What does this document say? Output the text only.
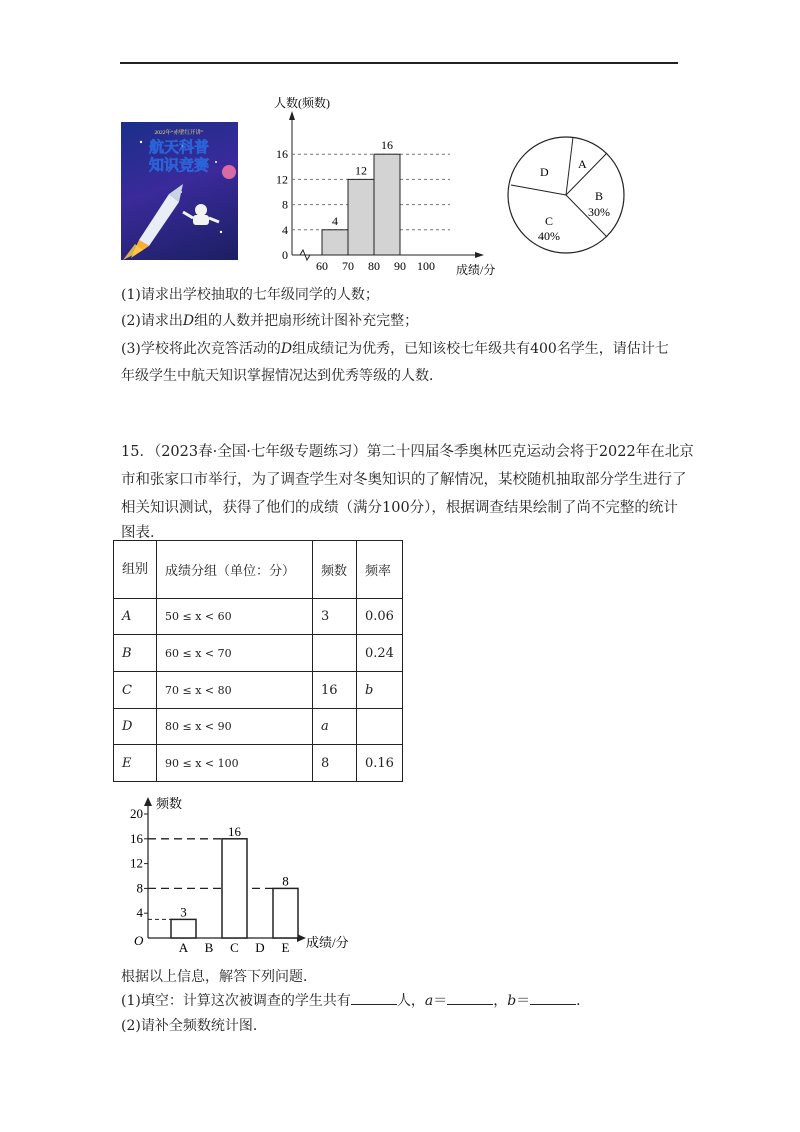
2022年“赤壁红开讲”
航天科普
知识竞赛
人数(频数)
16
12
8
4
0
4
12
16
60 70 80 90 100 成绩/分
A
B
30%
C
40%
D
(1)请求出学校抽取的七年级同学的人数；
(2)请求出D组的人数并把扇形统计图补充完整；
(3)学校将此次竞答活动的D组成绩记为优秀，已知该校七年级共有400名学生，请估计七
年级学生中航天知识掌握情况达到优秀等级的人数．
15．（2023春·全国·七年级专题练习）第二十四届冬季奥林匹克运动会将于2022年在北京
市和张家口市举行，为了调查学生对冬奥知识的了解情况，某校随机抽取部分学生进行了
相关知识测试，获得了他们的成绩（满分100分），根据调查结果绘制了尚不完整的统计
图表．
组别	成绩分组（单位：分）	频数	频率
A	50 ≤ x < 60	3	0.06
B	60 ≤ x < 70		0.24
C	70 ≤ x < 80	16	b
D	80 ≤ x < 90	a	
E	90 ≤ x < 100	8	0.16
频数
O
20
16
12
8
4	3
16
8
A B C D E 成绩/分
根据以上信息，解答下列问题．
(1)填空：计算这次被调查的学生共有	人，a＝	，b＝	．
(2)请补全频数统计图．
